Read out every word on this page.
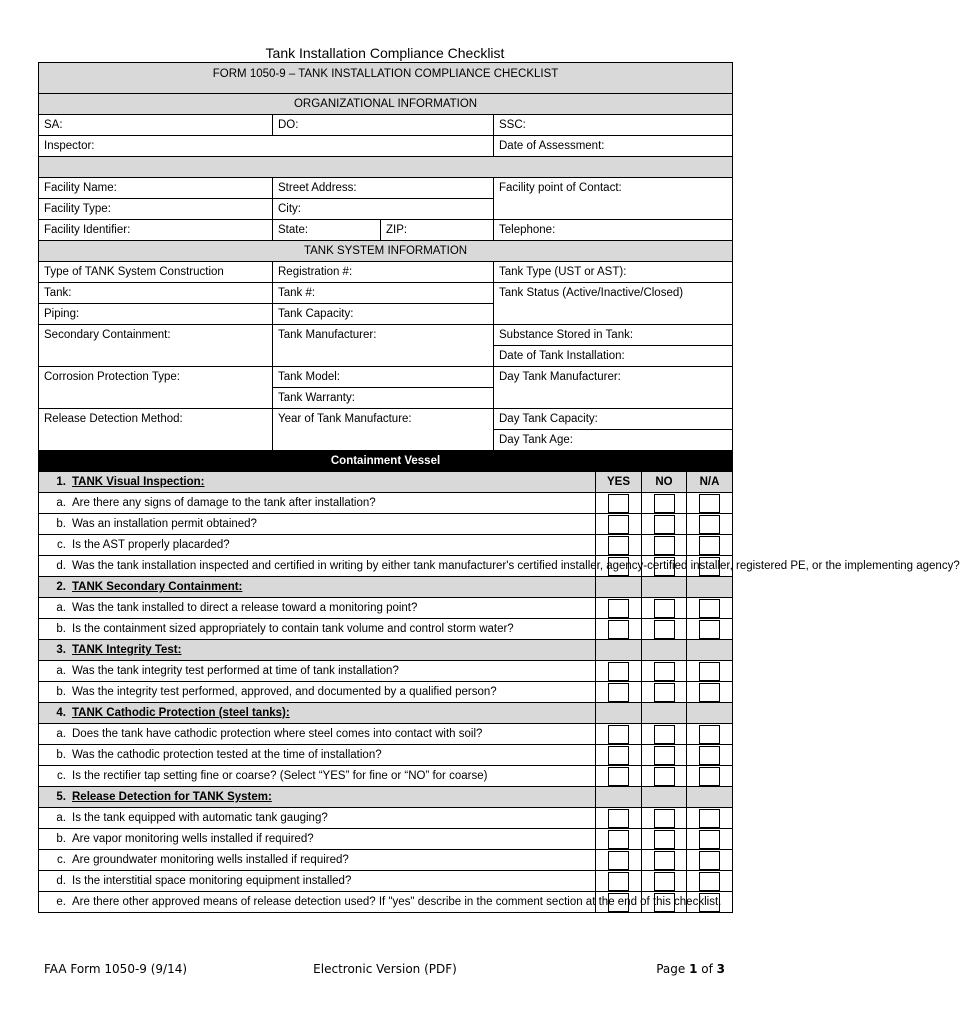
Tank Installation Compliance Checklist
FORM 1050-9 – TANK INSTALLATION COMPLIANCE CHECKLIST						
ORGANIZATIONAL INFORMATION						
SA:	DO:		SSC:			
Inspector:			Date of Assessment:			

Facility Name:	Street Address:		Facility point of Contact:			
Facility Type:	City:					
Facility Identifier:	State:	ZIP:	Telephone:			
TANK SYSTEM INFORMATION						
Type of TANK System Construction	Registration #:		Tank Type (UST or AST):			
Tank:	Tank #:		Tank Status (Active/Inactive/Closed)			
Piping:	Tank Capacity:					
Secondary Containment:	Tank Manufacturer:		Substance Stored in Tank:			
			Date of Tank Installation:			
Corrosion Protection Type:	Tank Model:		Day Tank Manufacturer:			
	Tank Warranty:					
Release Detection Method:	Year of Tank Manufacture:		Day Tank Capacity:			
			Day Tank Age:			
Containment Vessel						
1. TANK Visual Inspection:				YES	NO	N/A
a. Are there any signs of damage to the tank after installation?						
b. Was an installation permit obtained?						
c. Is the AST properly placarded?						
d. Was the tank installation inspected and certified in writing by either tank manufacturer's certified installer, agency-certified installer, registered PE, or the implementing agency?						
2. TANK Secondary Containment:						
a. Was the tank installed to direct a release toward a monitoring point?						
b. Is the containment sized appropriately to contain tank volume and control storm water?						
3. TANK Integrity Test:						
a. Was the tank integrity test performed at time of tank installation?						
b. Was the integrity test performed, approved, and documented by a qualified person?						
4. TANK Cathodic Protection (steel tanks):						
a. Does the tank have cathodic protection where steel comes into contact with soil?						
b. Was the cathodic protection tested at the time of installation?						
c. Is the rectifier tap setting fine or coarse? (Select “YES” for fine or “NO” for coarse)						
5. Release Detection for TANK System:						
a. Is the tank equipped with automatic tank gauging?						
b. Are vapor monitoring wells installed if required?						
c. Are groundwater monitoring wells installed if required?						
d. Is the interstitial space monitoring equipment installed?						
e. Are there other approved means of release detection used? If "yes" describe in the comment section at the end of this checklist.						
FAA Form 1050-9 (9/14)	Electronic Version (PDF)	Page 1 of 3
